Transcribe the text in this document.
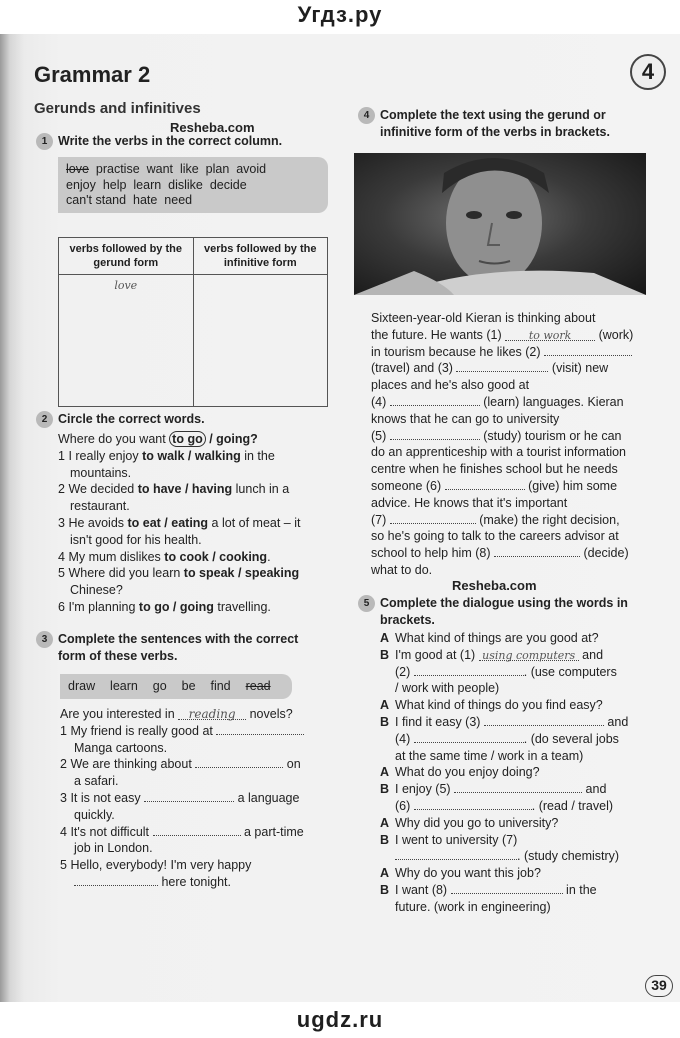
Угдз.ру
4
Grammar 2
Gerunds and infinitives
Resheba.com
1 Write the verbs in the correct column.
love practise  want  like  plan  avoid
enjoy  help  learn  dislike  decide
can't stand  hate  need
verbs followed by the gerund form	verbs followed by the infinitive form
love	
2 Circle the correct words.
Where do you want to go / going?
1 I really enjoy to walk / walking in the
mountains.
2 We decided to have / having lunch in a
restaurant.
3 He avoids to eat / eating a lot of meat – it
isn't good for his health.
4 My mum dislikes to cook / cooking.
5 Where did you learn to speak / speaking
Chinese?
6 I'm planning to go / going travelling.
3 Complete the sentences with the correct
form of these verbs.
draw  learn  go  be  find read
Are you interested in reading novels?
1 My friend is really good at
Manga cartoons.
2 We are thinking about	on
a safari.
3 It is not easy	a language
quickly.
4 It's not difficult	a part-time
job in London.
5 Hello, everybody! I'm very happy
here tonight.
4 Complete the text using the gerund or
infinitive form of the verbs in brackets.
Sixteen-year-old Kieran is thinking about
the future. He wants (1) to work (work)
in tourism because he likes (2)
(travel) and (3)	(visit) new
places and he's also good at
(4)	(learn) languages. Kieran
knows that he can go to university
(5)	(study) tourism or he can
do an apprenticeship with a tourist information
centre when he finishes school but he needs
someone (6)	(give) him some
advice. He knows that it's important
(7)	(make) the right decision,
so he's going to talk to the careers advisor at
school to help him (8)	(decide)
what to do.
Resheba.com
5 Complete the dialogue using the words in
brackets.
A What kind of things are you good at?
B I'm good at (1) using computers and
(2)	. (use computers
/ work with people)
A What kind of things do you find easy?
B I find it easy (3)	and
(4)	. (do several jobs
at the same time / work in a team)
A What do you enjoy doing?
B I enjoy (5)	and
(6)	. (read / travel)
A Why did you go to university?
B I went to university (7)
. (study chemistry)
A Why do you want this job?
B I want (8)	in the
future. (work in engineering)
39
ugdz.ru
